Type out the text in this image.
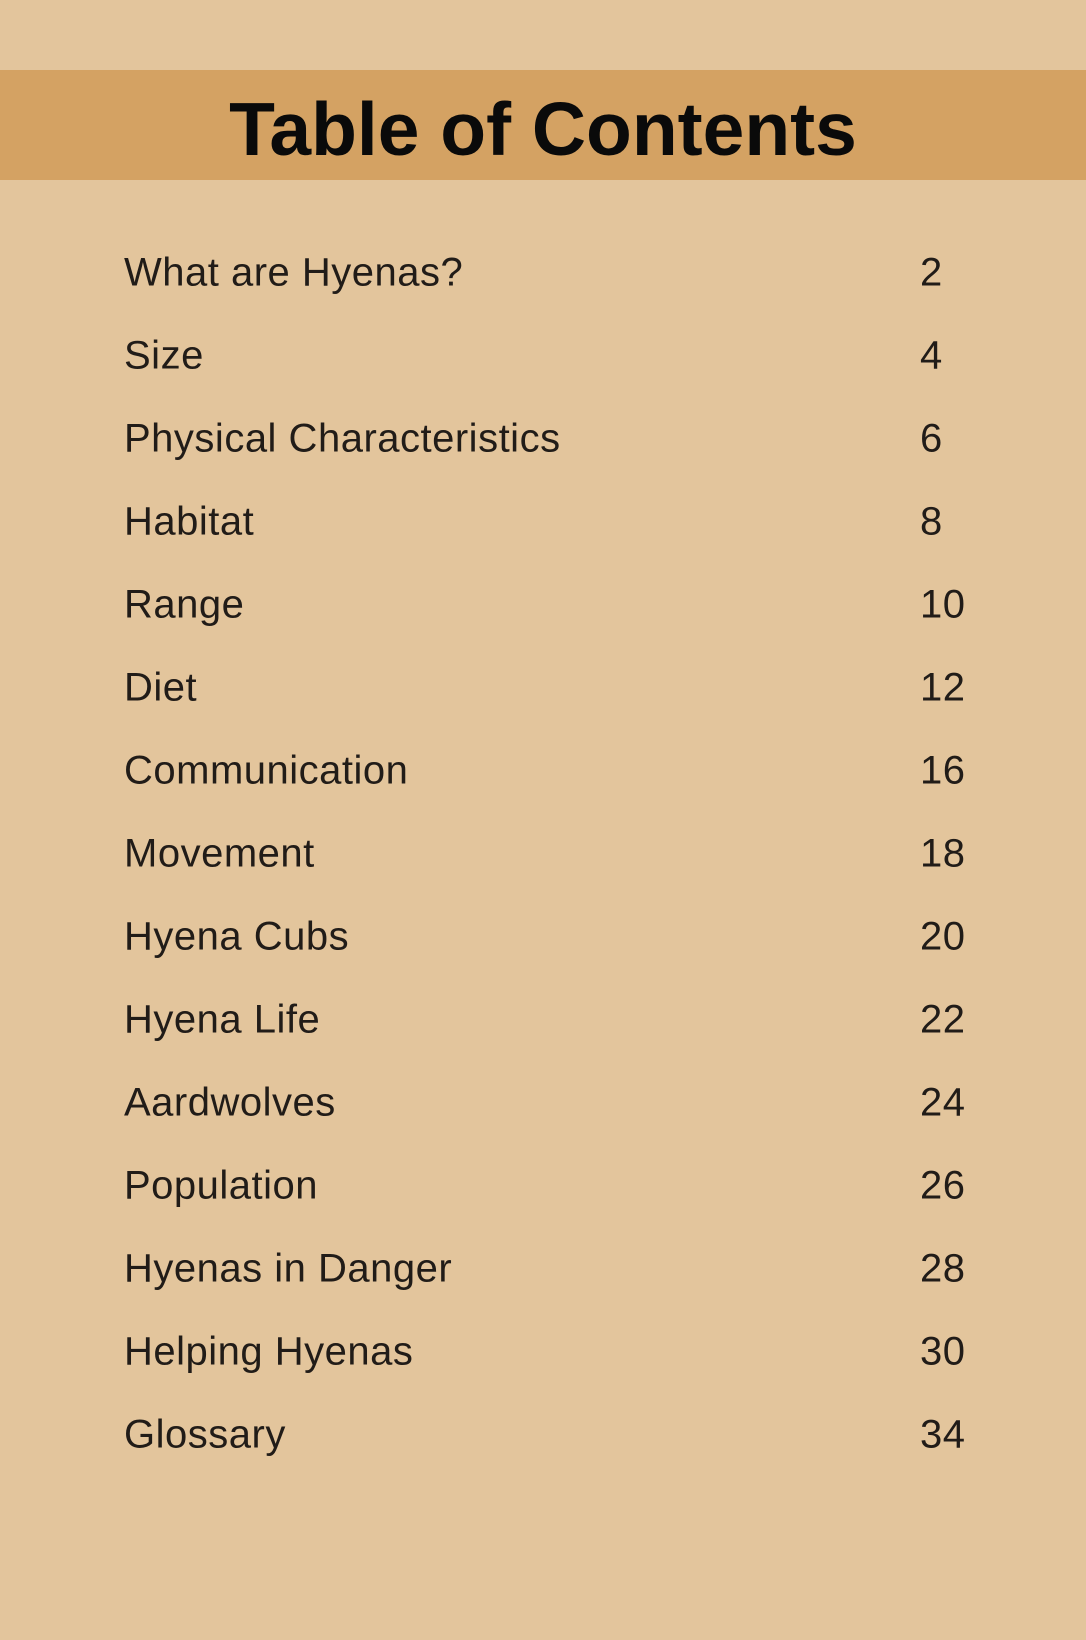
Table of Contents
What are Hyenas?	2
Size	4
Physical Characteristics	6
Habitat	8
Range	10
Diet	12
Communication	16
Movement	18
Hyena Cubs	20
Hyena Life	22
Aardwolves	24
Population	26
Hyenas in Danger	28
Helping Hyenas	30
Glossary	34
